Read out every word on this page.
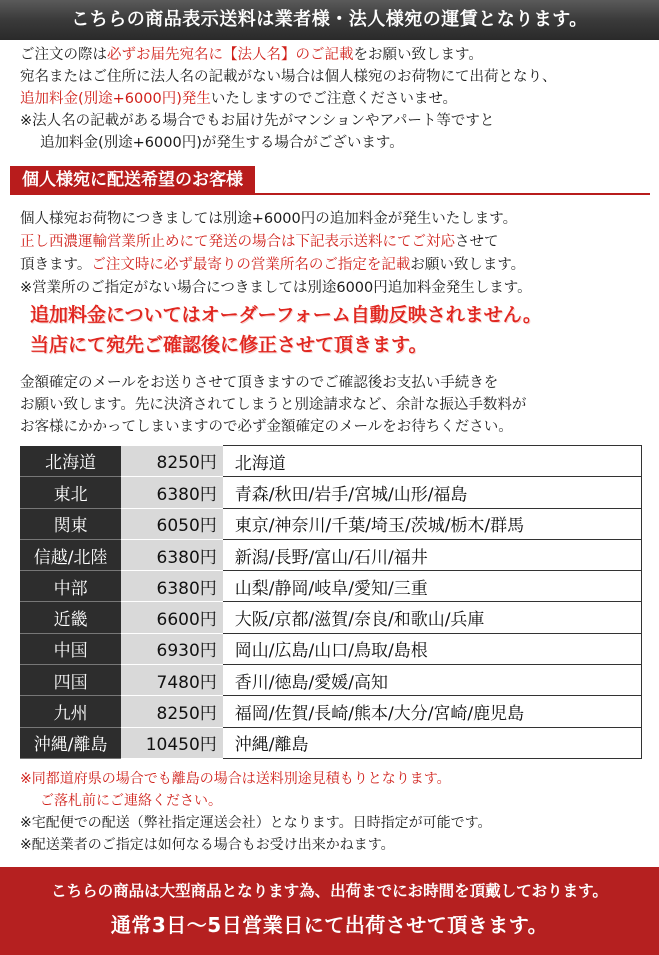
こちらの商品表示送料は業者様・法人様宛の運賃となります。

ご注文の際は必ずお届先宛名に【法人名】のご記載をお願い致します。

宛名またはご住所に法人名の記載がない場合は個人様宛のお荷物にて出荷となり、

追加料金(別途+6000円)発生いたしますのでご注意くださいませ。

※法人名の記載がある場合でもお届け先がマンションやアパート等ですと

追加料金(別途+6000円)が発生する場合がございます。

個人様宛に配送希望のお客様

個人様宛お荷物につきましては別途+6000円の追加料金が発生いたします。

正し西濃運輸営業所止めにて発送の場合は下記表示送料にてご対応させて

頂きます。ご注文時に必ず最寄りの営業所名のご指定を記載お願い致します。

※営業所のご指定がない場合につきましては別途6000円追加料金発生します。

追加料金についてはオーダーフォーム自動反映されません。

当店にて宛先ご確認後に修正させて頂きます。

金額確定のメールをお送りさせて頂きますのでご確認後お支払い手続きを

お願い致します。先に決済されてしまうと別途請求など、余計な振込手数料が

お客様にかかってしまいますので必ず金額確定のメールをお待ちください。

北海道	8250円	北海道
東北	6380円	青森/秋田/岩手/宮城/山形/福島
関東	6050円	東京/神奈川/千葉/埼玉/茨城/栃木/群馬
信越/北陸	6380円	新潟/長野/富山/石川/福井
中部	6380円	山梨/静岡/岐阜/愛知/三重
近畿	6600円	大阪/京都/滋賀/奈良/和歌山/兵庫
中国	6930円	岡山/広島/山口/鳥取/島根
四国	7480円	香川/徳島/愛媛/高知
九州	8250円	福岡/佐賀/長崎/熊本/大分/宮崎/鹿児島
沖縄/離島	10450円	沖縄/離島

※同都道府県の場合でも離島の場合は送料別途見積もりとなります。

ご落札前にご連絡ください。

※宅配便での配送（弊社指定運送会社）となります。日時指定が可能です。

※配送業者のご指定は如何なる場合もお受け出来かねます。

こちらの商品は大型商品となります為、出荷までにお時間を頂戴しております。
通常3日～5日営業日にて出荷させて頂きます。
